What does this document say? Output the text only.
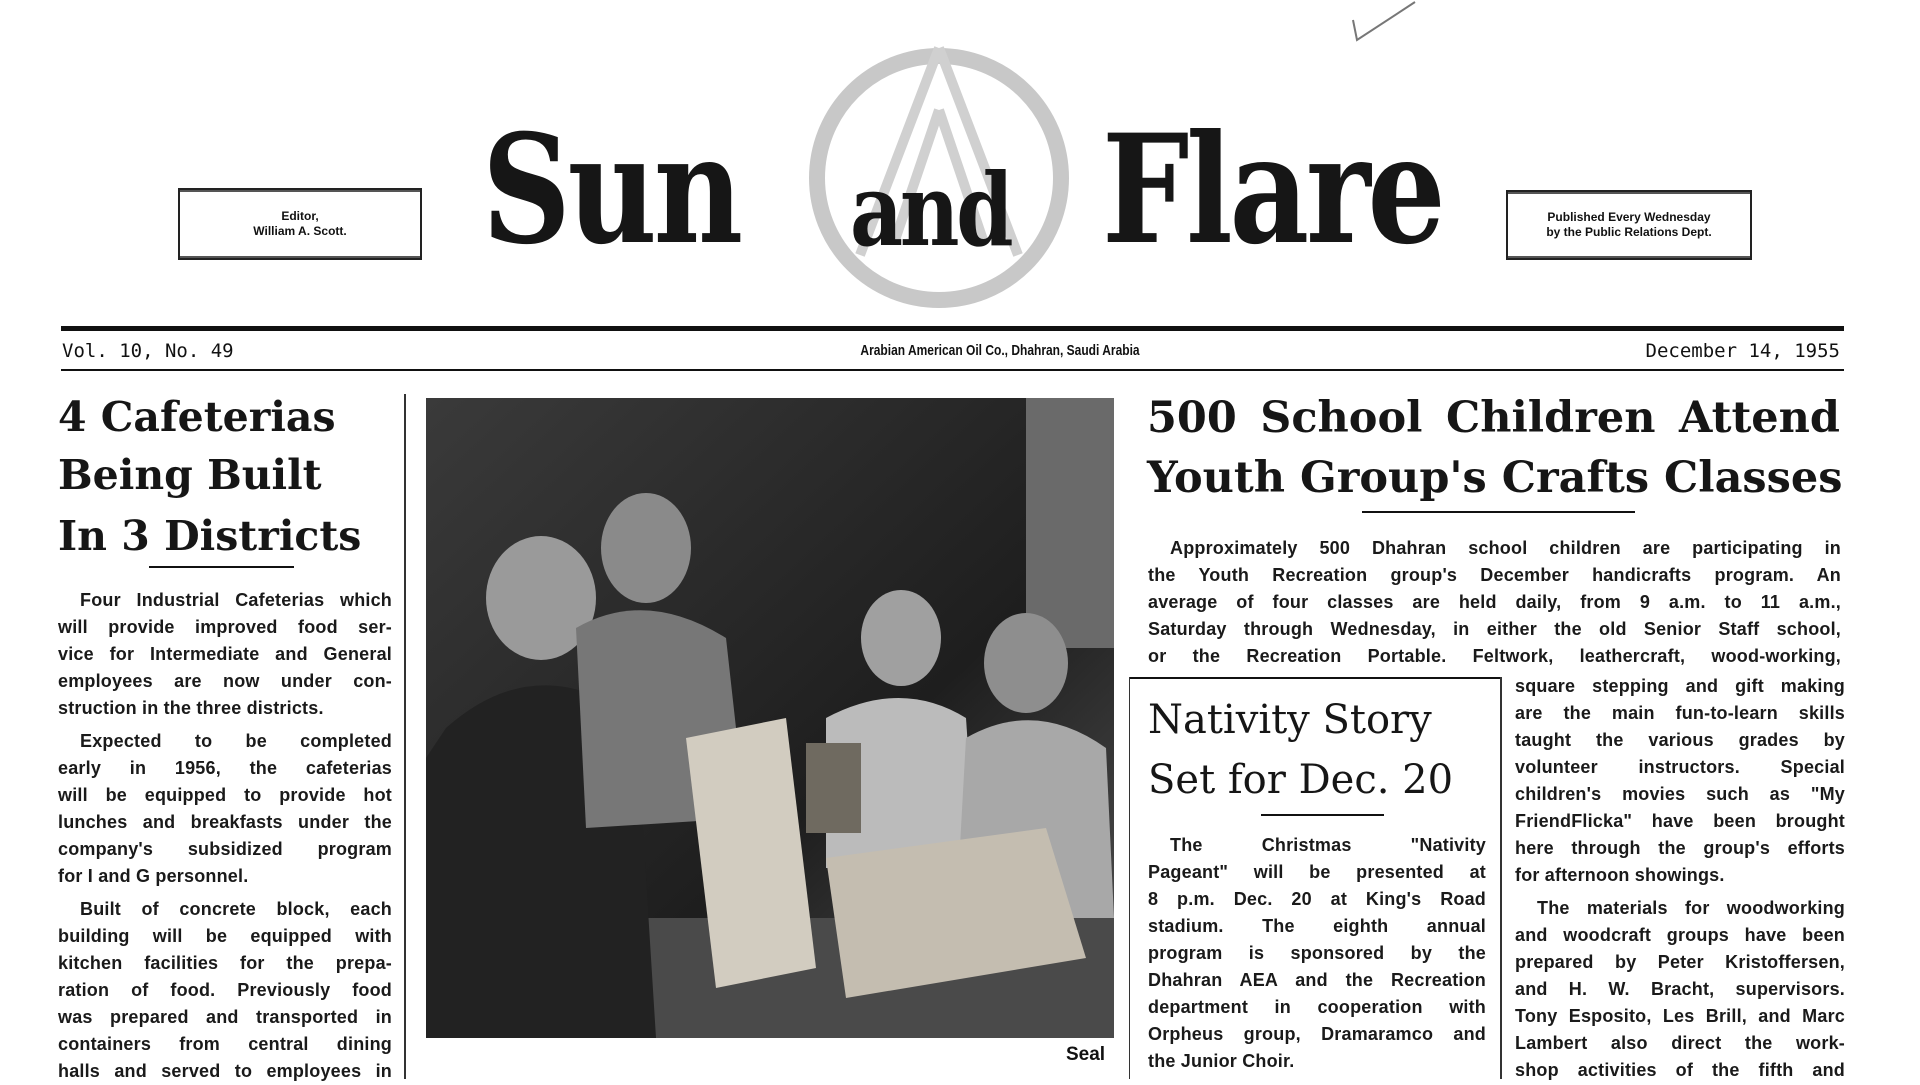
Editor,
William A. Scott.
Published Every Wednesday
by the Public Relations Dept.
Sun and Flare
Vol. 10, No. 49	Arabian American Oil Co., Dhahran, Saudi Arabia	December 14, 1955
4 Cafeterias
Being Built
In 3 Districts
Four Industrial Cafeterias which
will provide improved food ser-
vice for Intermediate and General
employees are now under con-
struction in the three districts.
Expected to be completed
early in 1956, the cafeterias
will be equipped to provide hot
lunches and breakfasts under the
company's subsidized program
for I and G personnel.
Built of concrete block, each
building will be equipped with
kitchen facilities for the prepa-
ration of food. Previously food
was prepared and transported in
containers from central dining
halls and served to employees in
Seal
500 School Children Attend
Youth Group's Crafts Classes
Approximately 500 Dhahran school children are participating in
the Youth Recreation group's December handicrafts program. An
average of four classes are held daily, from 9 a.m. to 11 a.m.,
Saturday through Wednesday, in either the old Senior Staff school,
or the Recreation Portable. Feltwork, leathercraft, wood-working,
square stepping and gift making
are the main fun-to-learn skills
taught the various grades by
volunteer instructors. Special
children's movies such as "My
FriendFlicka" have been brought
here through the group's efforts
for afternoon showings.
The materials for woodworking
and woodcraft groups have been
prepared by Peter Kristoffersen,
and H. W. Bracht, supervisors.
Tony Esposito, Les Brill, and Marc
Lambert also direct the work-
shop activities of the fifth and
Nativity Story
Set for Dec. 20
The Christmas "Nativity
Pageant" will be presented at
8 p.m. Dec. 20 at King's Road
stadium. The eighth annual
program is sponsored by the
Dhahran AEA and the Recreation
department in cooperation with
Orpheus group, Dramaramco and
the Junior Choir.
